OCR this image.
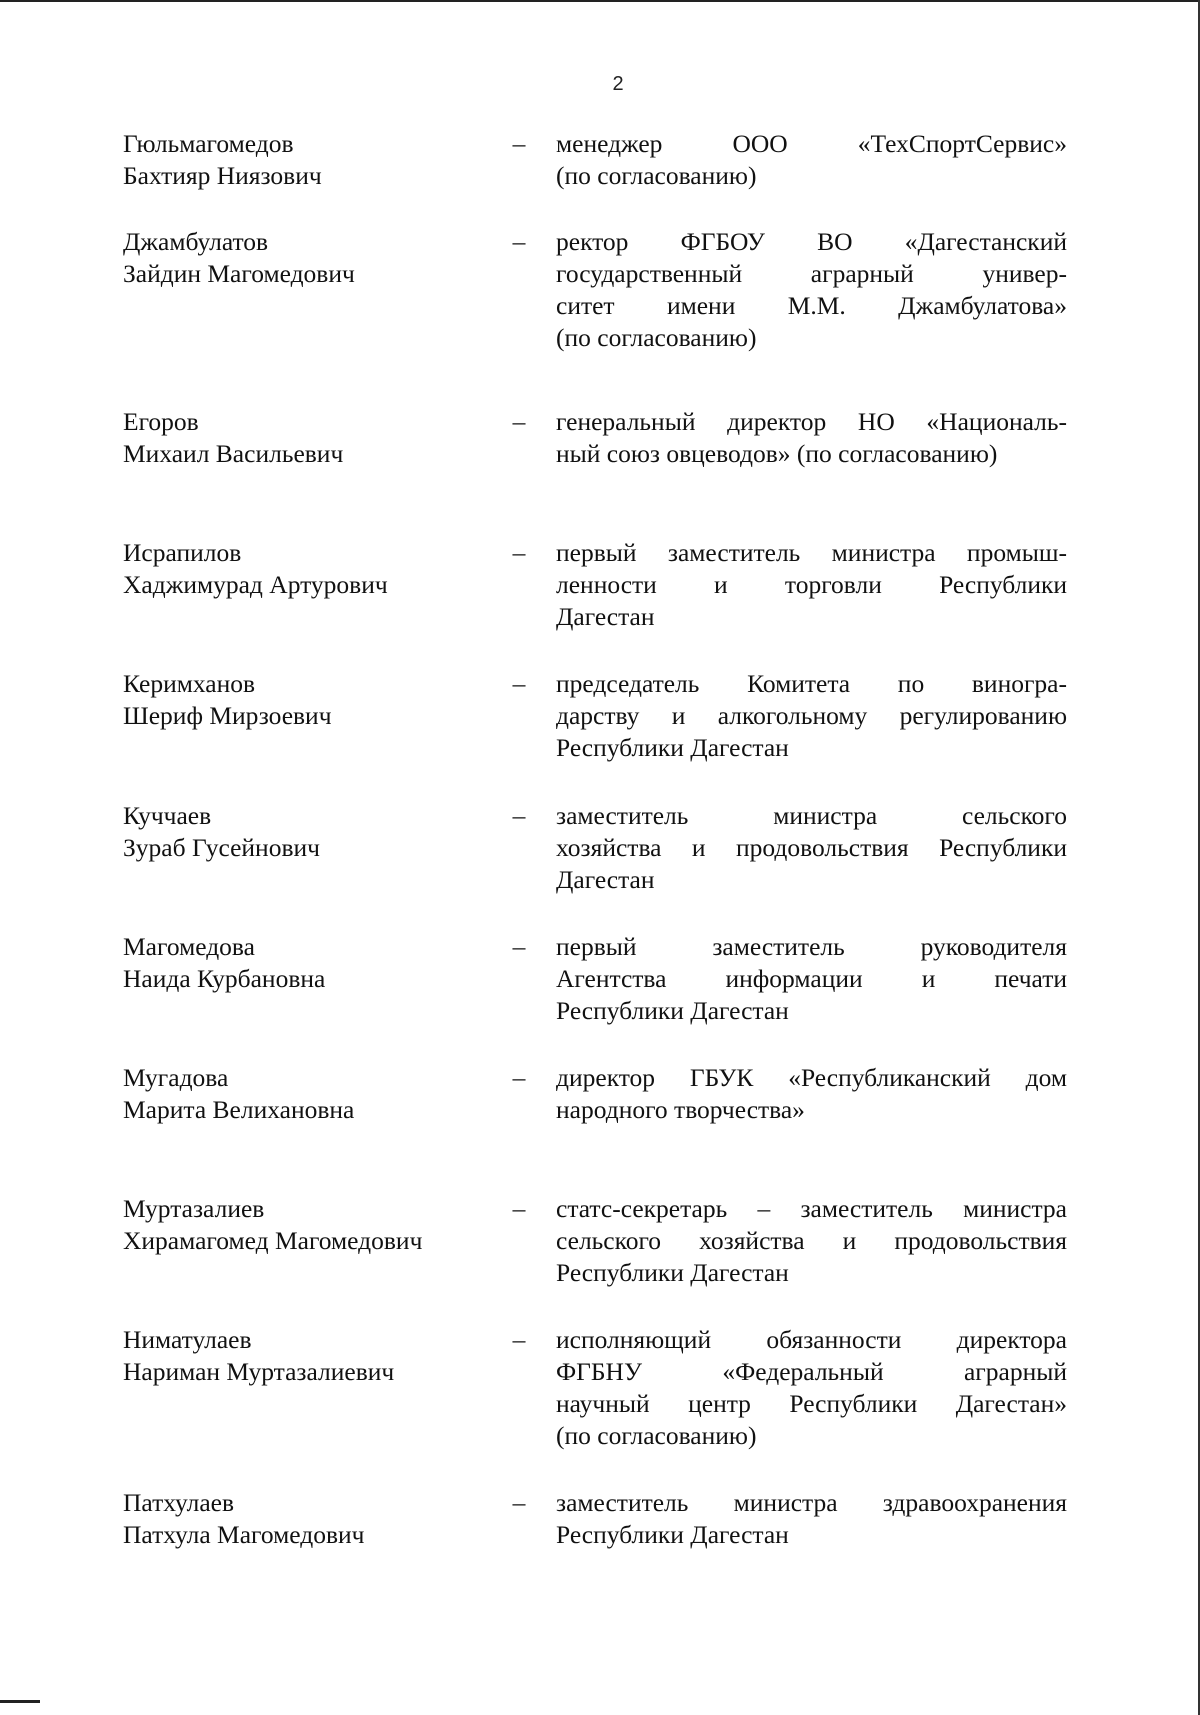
2
Гюльмагомедов
Бахтияр Ниязович
– менеджер ООО «ТехСпортСервис»
(по согласованию)
Джамбулатов
Зайдин Магомедович
– ректор ФГБОУ ВО «Дагестанский
государственный аграрный универ-
ситет имени М.М. Джамбулатова»
(по согласованию)
Егоров
Михаил Васильевич
– генеральный директор НО «Националь-
ный союз овцеводов» (по согласованию)
Исрапилов
Хаджимурад Артурович
– первый заместитель министра промыш-
ленности и торговли Республики
Дагестан
Керимханов
Шериф Мирзоевич
– председатель Комитета по виногра-
дарству и алкогольному регулированию
Республики Дагестан
Куччаев
Зураб Гусейнович
– заместитель министра сельского
хозяйства и продовольствия Республики
Дагестан
Магомедова
Наида Курбановна
– первый заместитель руководителя
Агентства информации и печати
Республики Дагестан
Мугадова
Марита Велихановна
– директор ГБУК «Республиканский дом
народного творчества»
Муртазалиев
Хирамагомед Магомедович
– статс-секретарь – заместитель министра
сельского хозяйства и продовольствия
Республики Дагестан
Ниматулаев
Нариман Муртазалиевич
– исполняющий обязанности директора
ФГБНУ «Федеральный аграрный
научный центр Республики Дагестан»
(по согласованию)
Патхулаев
Патхула Магомедович
– заместитель министра здравоохранения
Республики Дагестан
